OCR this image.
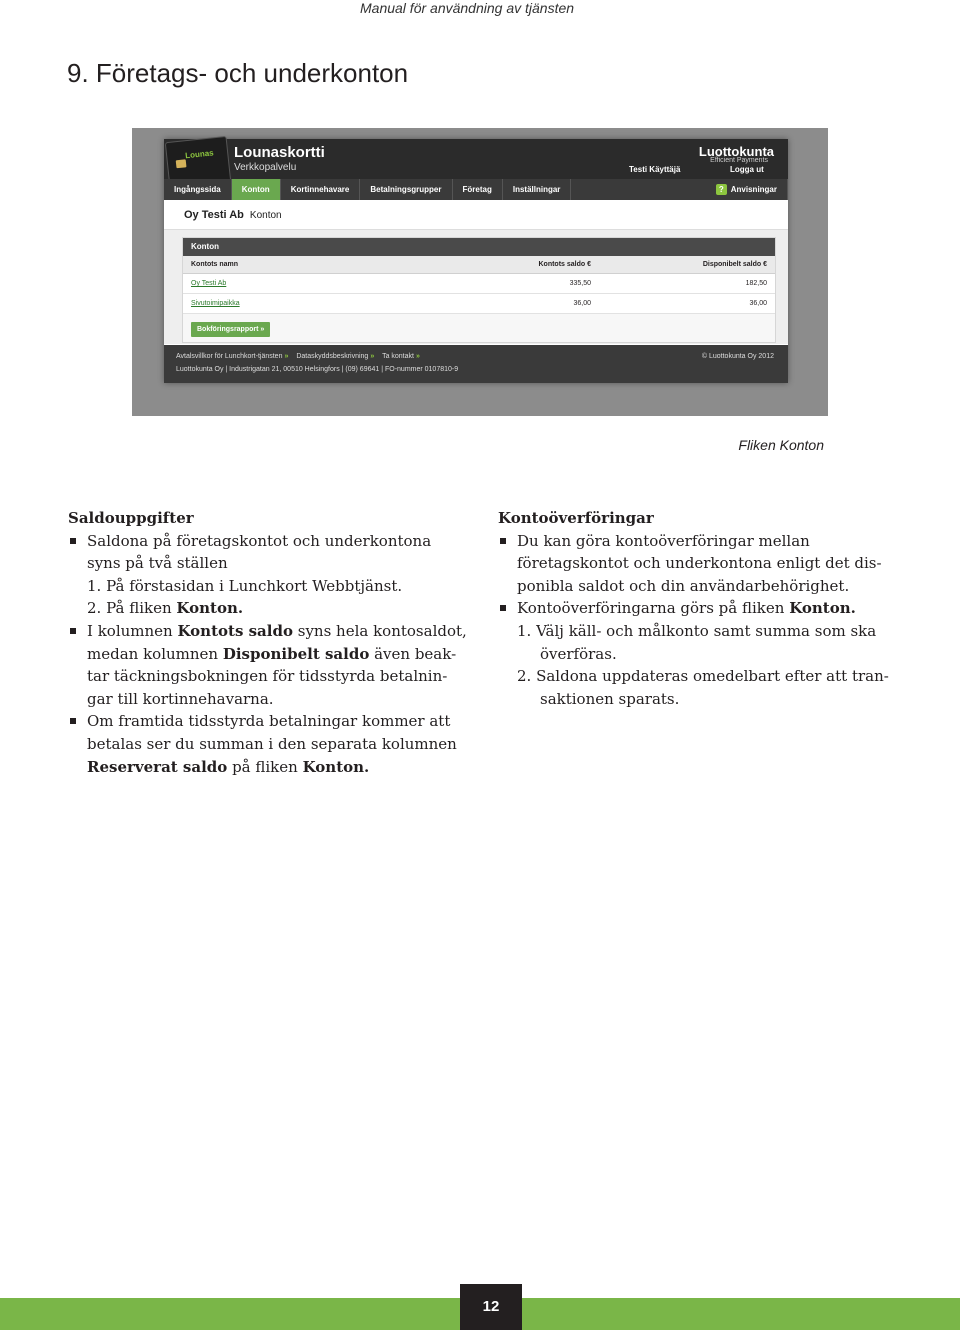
Manual för användning av tjänsten
9. Företags- och underkonton
Lounas Lounaskortti
Verkkopalvelu
Luottokunta
Efficient Payments
Testi Käyttäjä	Logga ut
Ingångssida	Konton	Kortinnehavare	Betalningsgrupper	Företag	Inställningar	? Anvisningar
Oy Testi Ab Konton
Konton
Kontots namn	Kontots saldo €	Disponibelt saldo €
Oy Testi Ab	335,50	182,50
Sivutoimipaikka	36,00	36,00
Bokföringsrapport »
Avtalsvillkor för Lunchkort-tjänsten » Dataskyddsbeskrivning » Ta kontakt »
Luottokunta Oy | Industrigatan 21, 00510 Helsingfors | (09) 69641 | FO-nummer 0107810-9
© Luottokunta Oy 2012
Fliken Konton

Saldouppgifter

Saldona på företagskontot och underkontona

syns på två ställen

1. På förstasidan i Lunchkort Webbtjänst.

2. På fliken Konton.

I kolumnen Kontots saldo syns hela kontosaldot,

medan kolumnen Disponibelt saldo även beak-

tar täckningsbokningen för tidsstyrda betalnin-

gar till kortinnehavarna.

Om framtida tidsstyrda betalningar kommer att

betalas ser du summan i den separata kolumnen

Reserverat saldo på fliken Konton.

Kontoöverföringar

Du kan göra kontoöverföringar mellan

företagskontot och underkontona enligt det dis-

ponibla saldot och din användarbehörighet.

Kontoöverföringarna görs på fliken Konton.

1. Välj käll- och målkonto samt summa som ska

överföras.

2. Saldona uppdateras omedelbart efter att tran-

saktionen sparats.

12
